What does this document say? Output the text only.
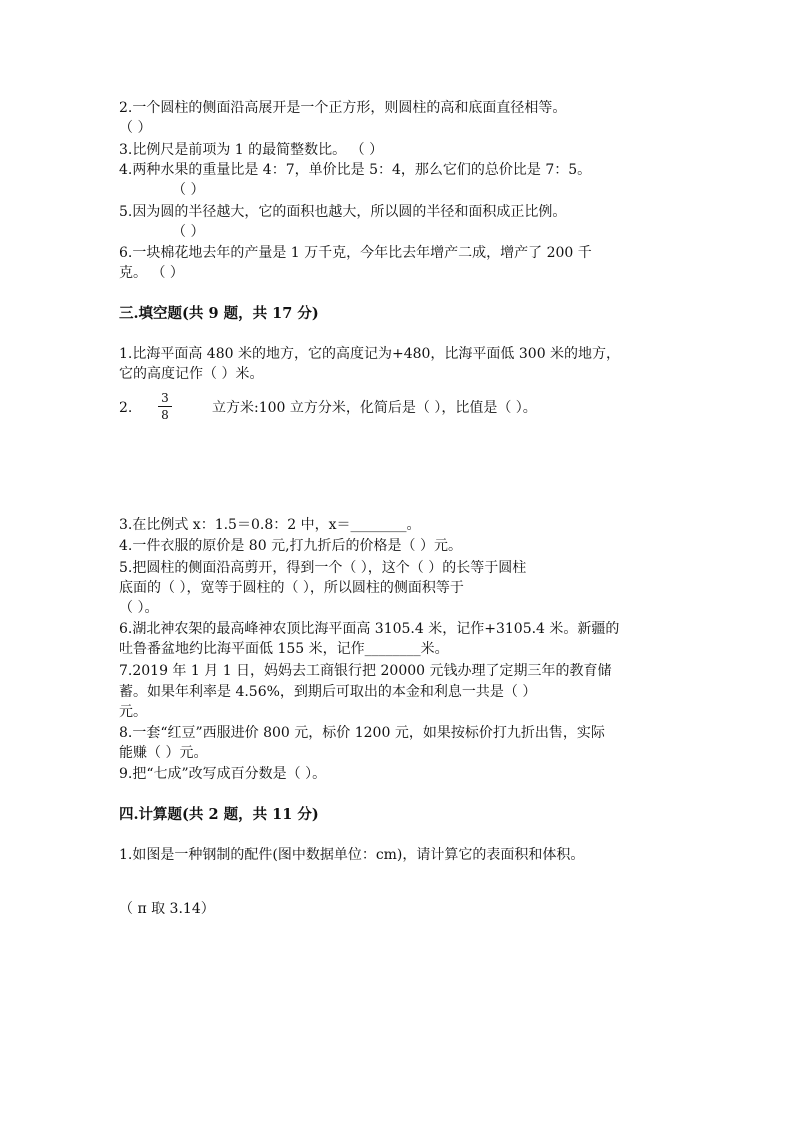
2.一个圆柱的侧面沿高展开是一个正方形，则圆柱的高和底面直径相等。
（ ）
3.比例尺是前项为 1 的最简整数比。 （ ）
4.两种水果的重量比是 4：7，单价比是 5：4，那么它们的总价比是 7：5。
（ ）
5.因为圆的半径越大，它的面积也越大，所以圆的半径和面积成正比例。
（ ）
6.一块棉花地去年的产量是 1 万千克，今年比去年增产二成，增产了 200 千
克。 （ ）
三.填空题(共 9 题，共 17 分)
1.比海平面高 480 米的地方，它的高度记为+480，比海平面低 300 米的地方，
它的高度记作（ ）米。
2.
3
8	立方米:100 立方分米，化简后是（ ），比值是（ ）。
3.在比例式 x：1.5＝0.8：2 中，x＝________。
4.一件衣服的原价是 80 元,打九折后的价格是（ ）元。
5.把圆柱的侧面沿高剪开，得到一个（ ），这个（ ）的长等于圆柱
底面的（ ），宽等于圆柱的（ ），所以圆柱的侧面积等于
（ ）。
6.湖北神农架的最高峰神农顶比海平面高 3105.4 米，记作+3105.4 米。新疆的
吐鲁番盆地约比海平面低 155 米，记作________米。
7.2019 年 1 月 1 日，妈妈去工商银行把 20000 元钱办理了定期三年的教育储
蓄。如果年利率是 4.56%，到期后可取出的本金和利息一共是（ ）
元。
8.一套“红豆”西服进价 800 元，标价 1200 元，如果按标价打九折出售，实际
能赚（ ）元。
9.把“七成”改写成百分数是（ ）。
四.计算题(共 2 题，共 11 分)
1.如图是一种钢制的配件(图中数据单位：cm)，请计算它的表面积和体积。
（ π 取 3.14）
